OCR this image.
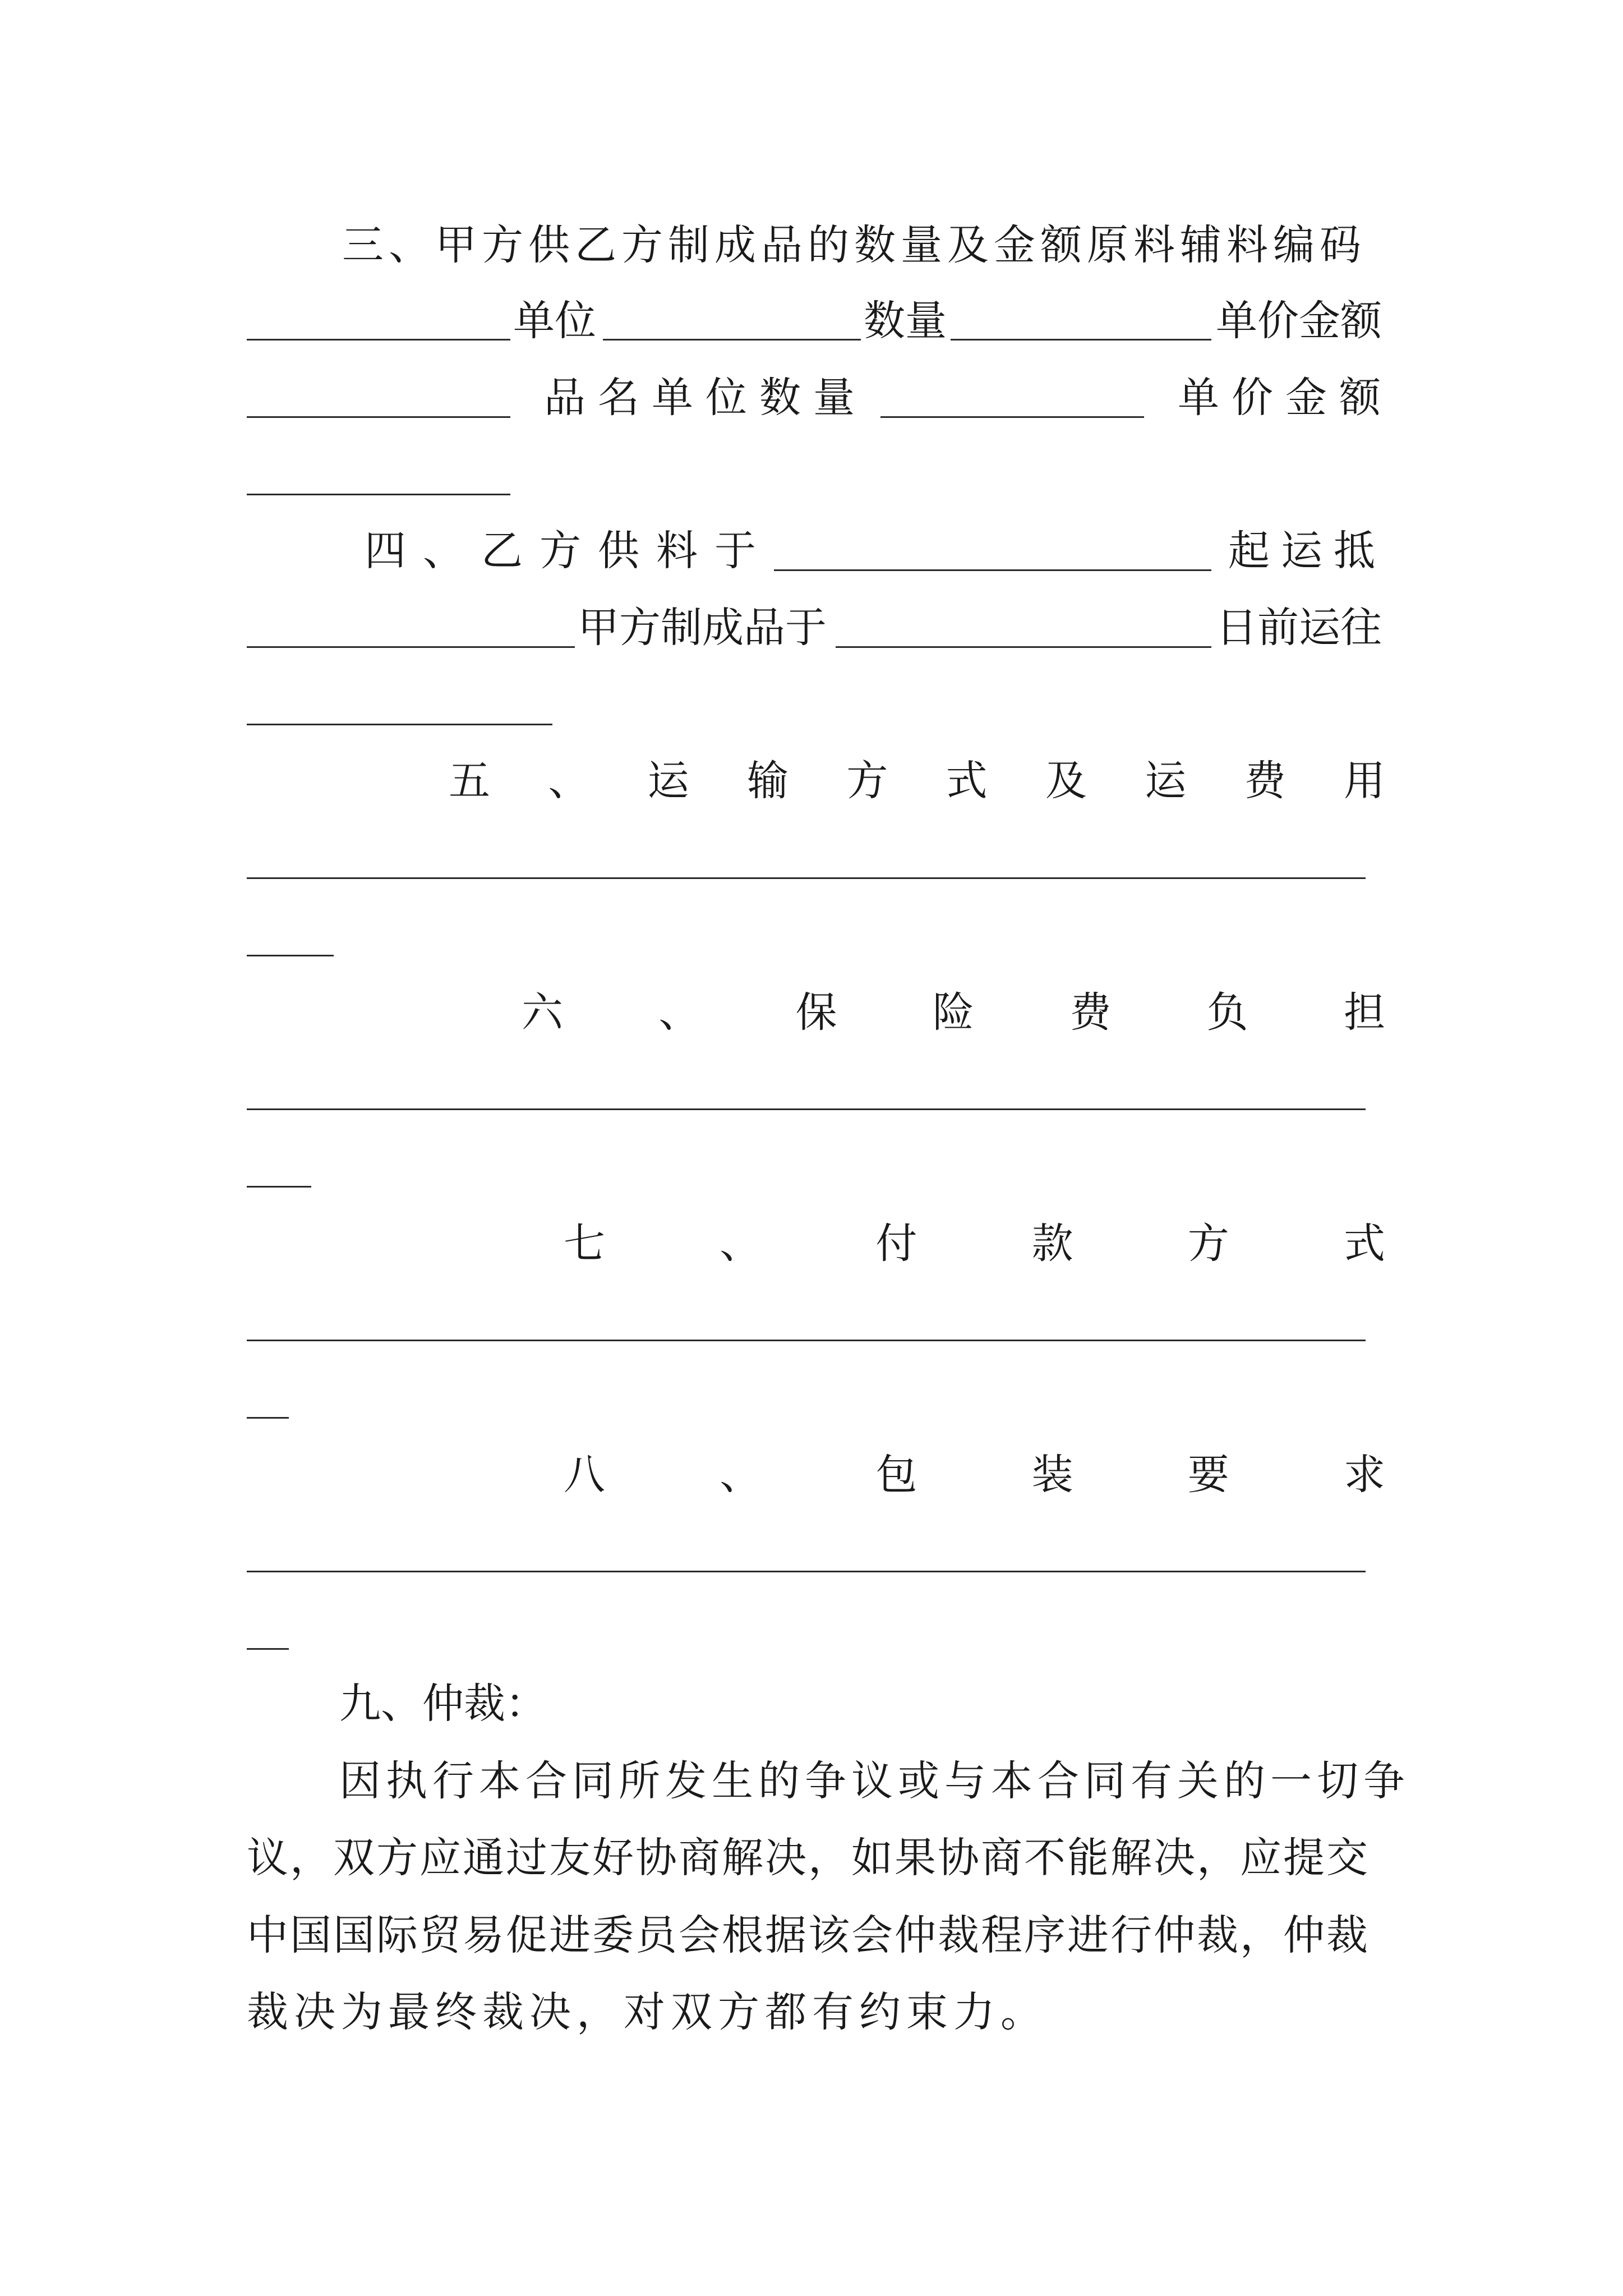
三、甲方供乙方制成品的数量及金额原料辅料编码
单位	数量	单价金额
品名单位数量	单价金额
四、乙方供料于	起运抵
甲方制成品于	日前运往
五 、 运 输 方 式 及 运 费 用
六 、 保 险 费 负 担
七	、	付	款	方	式
八	、	包	装	要	求
九、仲裁：
因执行本合同所发生的争议或与本合同有关的一切争
议，双方应通过友好协商解决，如果协商不能解决，应提交
中国国际贸易促进委员会根据该会仲裁程序进行仲裁，仲裁
裁决为最终裁决，对双方都有约束力。
